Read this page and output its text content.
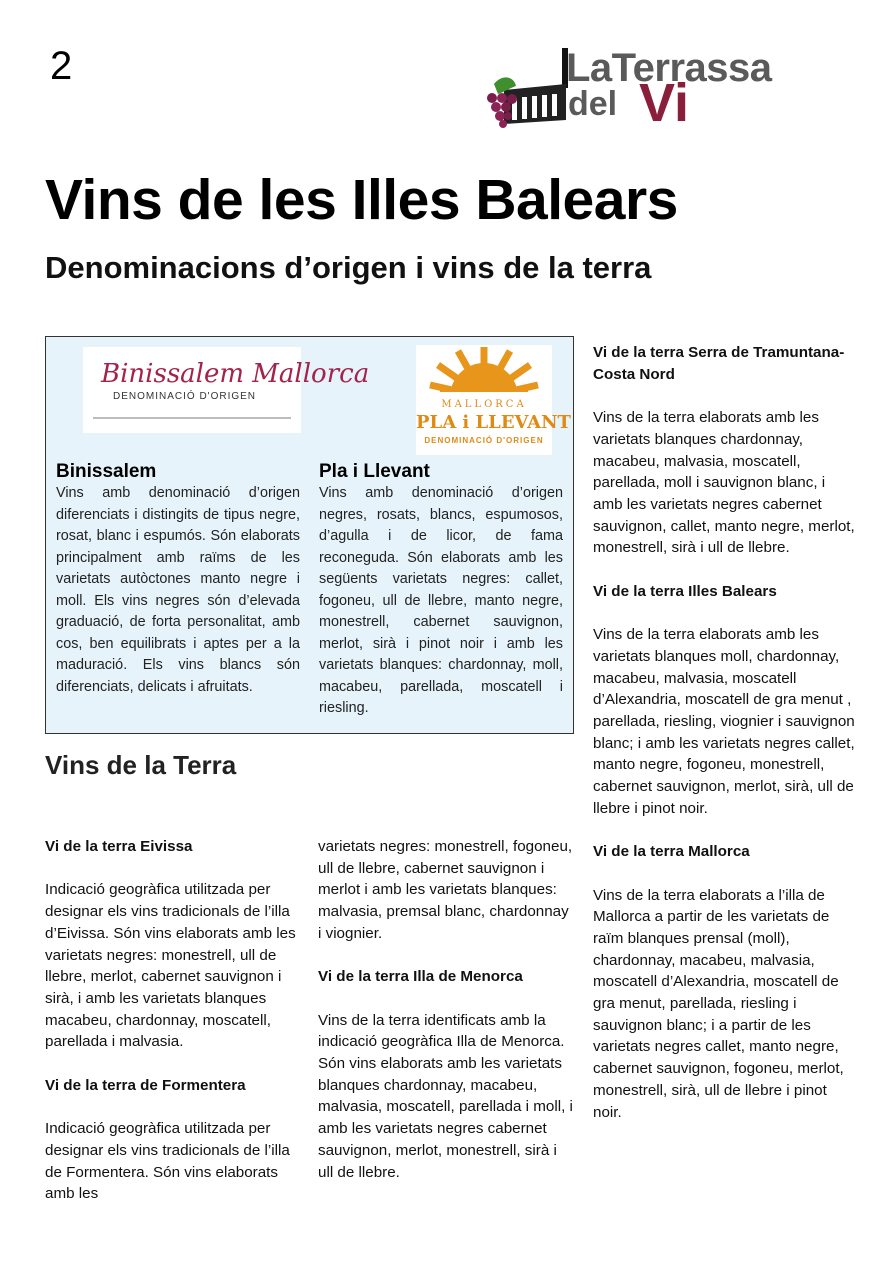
2	LaTerrassa
del Vi
Vins de les Illes Balears
Denominacions d’origen i vins de la terra
Binissalem Mallorca
DENOMINACIÓ D'ORIGEN
MALLORCA
PLA i LLEVANT
DENOMINACIÓ D'ORIGEN
Binissalem
Vins amb denominació d’origen diferenciats i distingits de tipus negre, rosat, blanc i espumós. Són elaborats principalment amb raïms de les varietats autòctones manto negre i moll. Els vins negres són d’elevada graduació, de forta personalitat, amb cos, ben equilibrats i aptes per a la maduració. Els vins blancs són diferenciats, delicats i afruitats.
Pla i Llevant
Vins amb denominació d’origen negres, rosats, blancs, espumosos, d’agulla i de licor, de fama reconeguda. Són elaborats amb les següents varietats negres: callet, fogoneu, ull de llebre, manto negre, monestrell, cabernet sauvignon, merlot, sirà i pinot noir i amb les varietats blanques: chardonnay, moll, macabeu, parellada, moscatell i riesling.
Vins de la Terra
Vi de la terra Eivissa
Indicació geogràfica utilitzada per designar els vins tradicionals de l’illa d’Eivissa. Són vins elaborats amb les varietats negres: monestrell, ull de llebre, merlot, cabernet sauvignon i sirà, i amb les varietats blanques macabeu, chardonnay, moscatell, parellada i malvasia.
Vi de la terra de Formentera
Indicació geogràfica utilitzada per designar els vins tradicionals de l’illa de Formentera. Són vins elaborats amb les
varietats negres: monestrell, fogoneu, ull de llebre, cabernet sauvignon i merlot i amb les varietats blanques: malvasia, premsal blanc, chardonnay i viognier.
Vi de la terra Illa de Menorca
Vins de la terra identificats amb la indicació geogràfica Illa de Menorca. Són vins elaborats amb les varietats blanques chardonnay, macabeu, malvasia, moscatell, parellada i moll, i amb les varietats negres cabernet sauvignon, merlot, monestrell, sirà i ull de llebre.
Vi de la terra Serra de Tramuntana-Costa Nord
Vins de la terra elaborats amb les varietats blanques chardonnay, macabeu, malvasia, moscatell, parellada, moll i sauvignon blanc, i amb les varietats negres cabernet sauvignon, callet, manto negre, merlot, monestrell, sirà i ull de llebre.
Vi de la terra Illes Balears
Vins de la terra elaborats amb les varietats blanques moll, chardonnay, macabeu, malvasia, moscatell d’Alexandria, moscatell de gra menut , parellada, riesling, viognier i sauvignon blanc; i amb les varietats negres callet, manto negre, fogoneu, monestrell, cabernet sauvignon, merlot, sirà, ull de llebre i pinot noir.
Vi de la terra Mallorca
Vins de la terra elaborats a l’illa de Mallorca a partir de les varietats de raïm blanques prensal (moll), chardonnay, macabeu, malvasia, moscatell d’Alexandria, moscatell de gra menut, parellada, riesling i sauvignon blanc; i a partir de les varietats negres callet, manto negre, cabernet sauvignon, fogoneu, merlot, monestrell, sirà, ull de llebre i pinot noir.
